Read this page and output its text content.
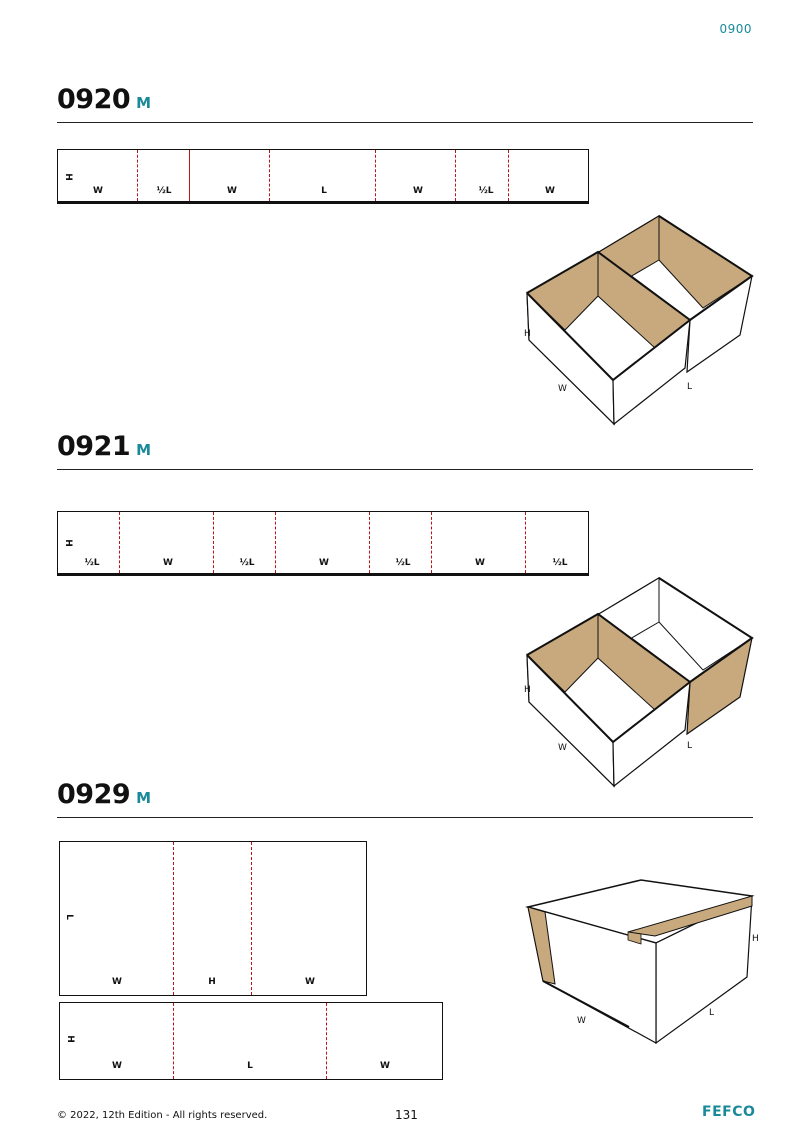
0900
0920 M
H
W	½L	W	L	W	½L	W
H
W	L
0921 M
H
½L	W	½L	W	½L	W	½L
H
W	L
0929 M
L
W	H	W
H
W	L	W
H
W
L
© 2022, 12th Edition - All rights reserved.	131	FEFCO
